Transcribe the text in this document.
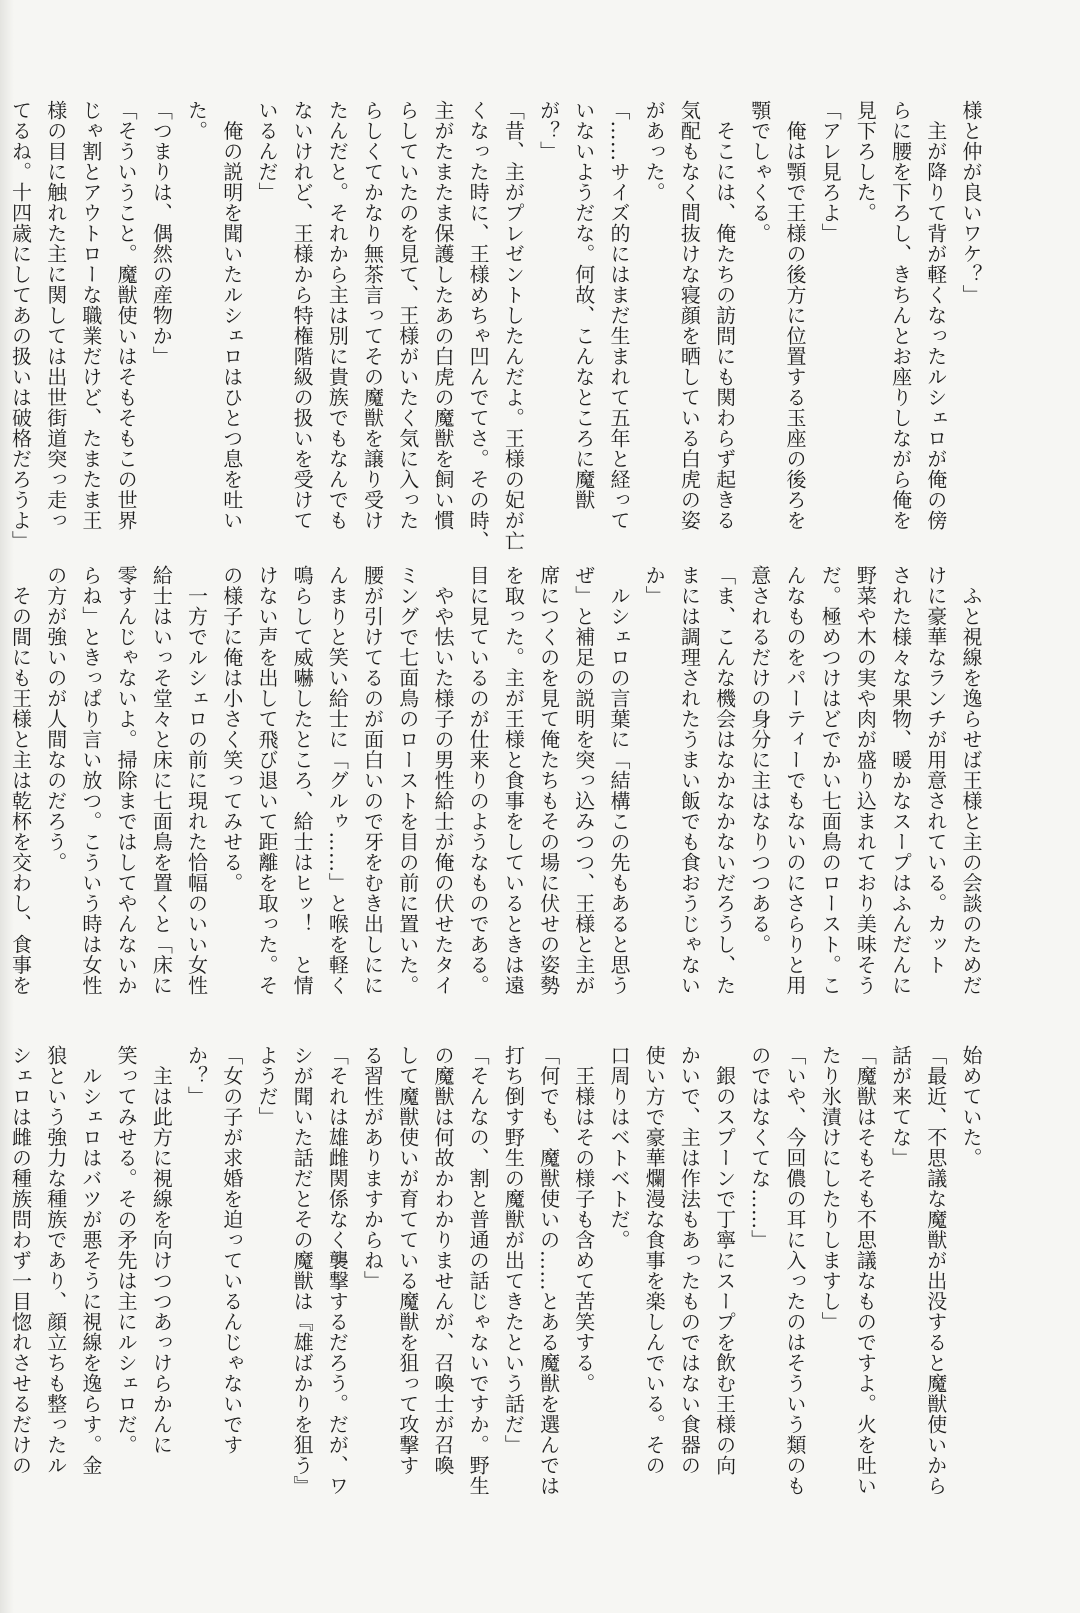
様と仲が良いワケ？」
　主が降りて背が軽くなったルシェロが俺の傍
らに腰を下ろし、きちんとお座りしながら俺を
見下ろした。
「アレ見ろよ」
　俺は顎で王様の後方に位置する玉座の後ろを
顎でしゃくる。
　そこには、俺たちの訪問にも関わらず起きる
気配もなく間抜けな寝顔を晒している白虎の姿
があった。
「……サイズ的にはまだ生まれて五年と経って
いないようだな。何故、こんなところに魔獣
が？」
「昔、主がプレゼントしたんだよ。王様の妃が亡
くなった時に、王様めちゃ凹んでてさ。その時、
主がたまたま保護したあの白虎の魔獣を飼い慣
らしていたのを見て、王様がいたく気に入った
らしくてかなり無茶言ってその魔獣を譲り受け
たんだと。それから主は別に貴族でもなんでも
ないけれど、王様から特権階級の扱いを受けて
いるんだ」
　俺の説明を聞いたルシェロはひとつ息を吐い
た。
「つまりは、偶然の産物か」
「そういうこと。魔獣使いはそもそもこの世界
じゃ割とアウトローな職業だけど、たまたま王
様の目に触れた主に関しては出世街道突っ走っ
てるね。十四歳にしてあの扱いは破格だろうよ」
　ふと視線を逸らせば王様と主の会談のためだ
けに豪華なランチが用意されている。カット
された様々な果物、暖かなスープはふんだんに
野菜や木の実や肉が盛り込まれており美味そう
だ。極めつけはどでかい七面鳥のロースト。こ
んなものをパーティーでもないのにさらりと用
意されるだけの身分に主はなりつつある。
「ま、こんな機会はなかなかないだろうし、た
まには調理されたうまい飯でも食おうじゃない
か」
　ルシェロの言葉に「結構この先もあると思う
ぜ」と補足の説明を突っ込みつつ、王様と主が
席につくのを見て俺たちもその場に伏せの姿勢
を取った。主が王様と食事をしているときは遠
目に見ているのが仕来りのようなものである。
　やや怯いた様子の男性給士が俺の伏せたタイ
ミングで七面鳥のローストを目の前に置いた。
腰が引けてるのが面白いので牙をむき出しにに
んまりと笑い給士に「グルゥ……」と喉を軽く
鳴らして威嚇したところ、給士はヒッ！　と情
けない声を出して飛び退いて距離を取った。そ
の様子に俺は小さく笑ってみせる。
　一方でルシェロの前に現れた恰幅のいい女性
給士はいっそ堂々と床に七面鳥を置くと「床に
零すんじゃないよ。掃除まではしてやんないか
らね」ときっぱり言い放つ。こういう時は女性
の方が強いのが人間なのだろう。
　その間にも王様と主は乾杯を交わし、食事を
始めていた。
「最近、不思議な魔獣が出没すると魔獣使いから
話が来てな」
「魔獣はそもそも不思議なものですよ。火を吐い
たり氷漬けにしたりしますし」
「いや、今回儂の耳に入ったのはそういう類のも
のではなくてな……」
　銀のスプーンで丁寧にスープを飲む王様の向
かいで、主は作法もあったものではない食器の
使い方で豪華爛漫な食事を楽しんでいる。その
口周りはベトベトだ。
　王様はその様子も含めて苦笑する。
「何でも、魔獣使いの……とある魔獣を選んでは
打ち倒す野生の魔獣が出てきたという話だ」
「そんなの、割と普通の話じゃないですか。野生
の魔獣は何故かわかりませんが、召喚士が召喚
して魔獣使いが育てている魔獣を狙って攻撃す
る習性がありますからね」
「それは雄雌関係なく襲撃するだろう。だが、ワ
シが聞いた話だとその魔獣は『雄ばかりを狙う』
ようだ」
「女の子が求婚を迫っているんじゃないです
か？」
　主は此方に視線を向けつつあっけらかんに
笑ってみせる。その矛先は主にルシェロだ。
　ルシェロはバツが悪そうに視線を逸らす。金
狼という強力な種族であり、顔立ちも整ったル
シェロは雌の種族問わず一目惚れさせるだけの
